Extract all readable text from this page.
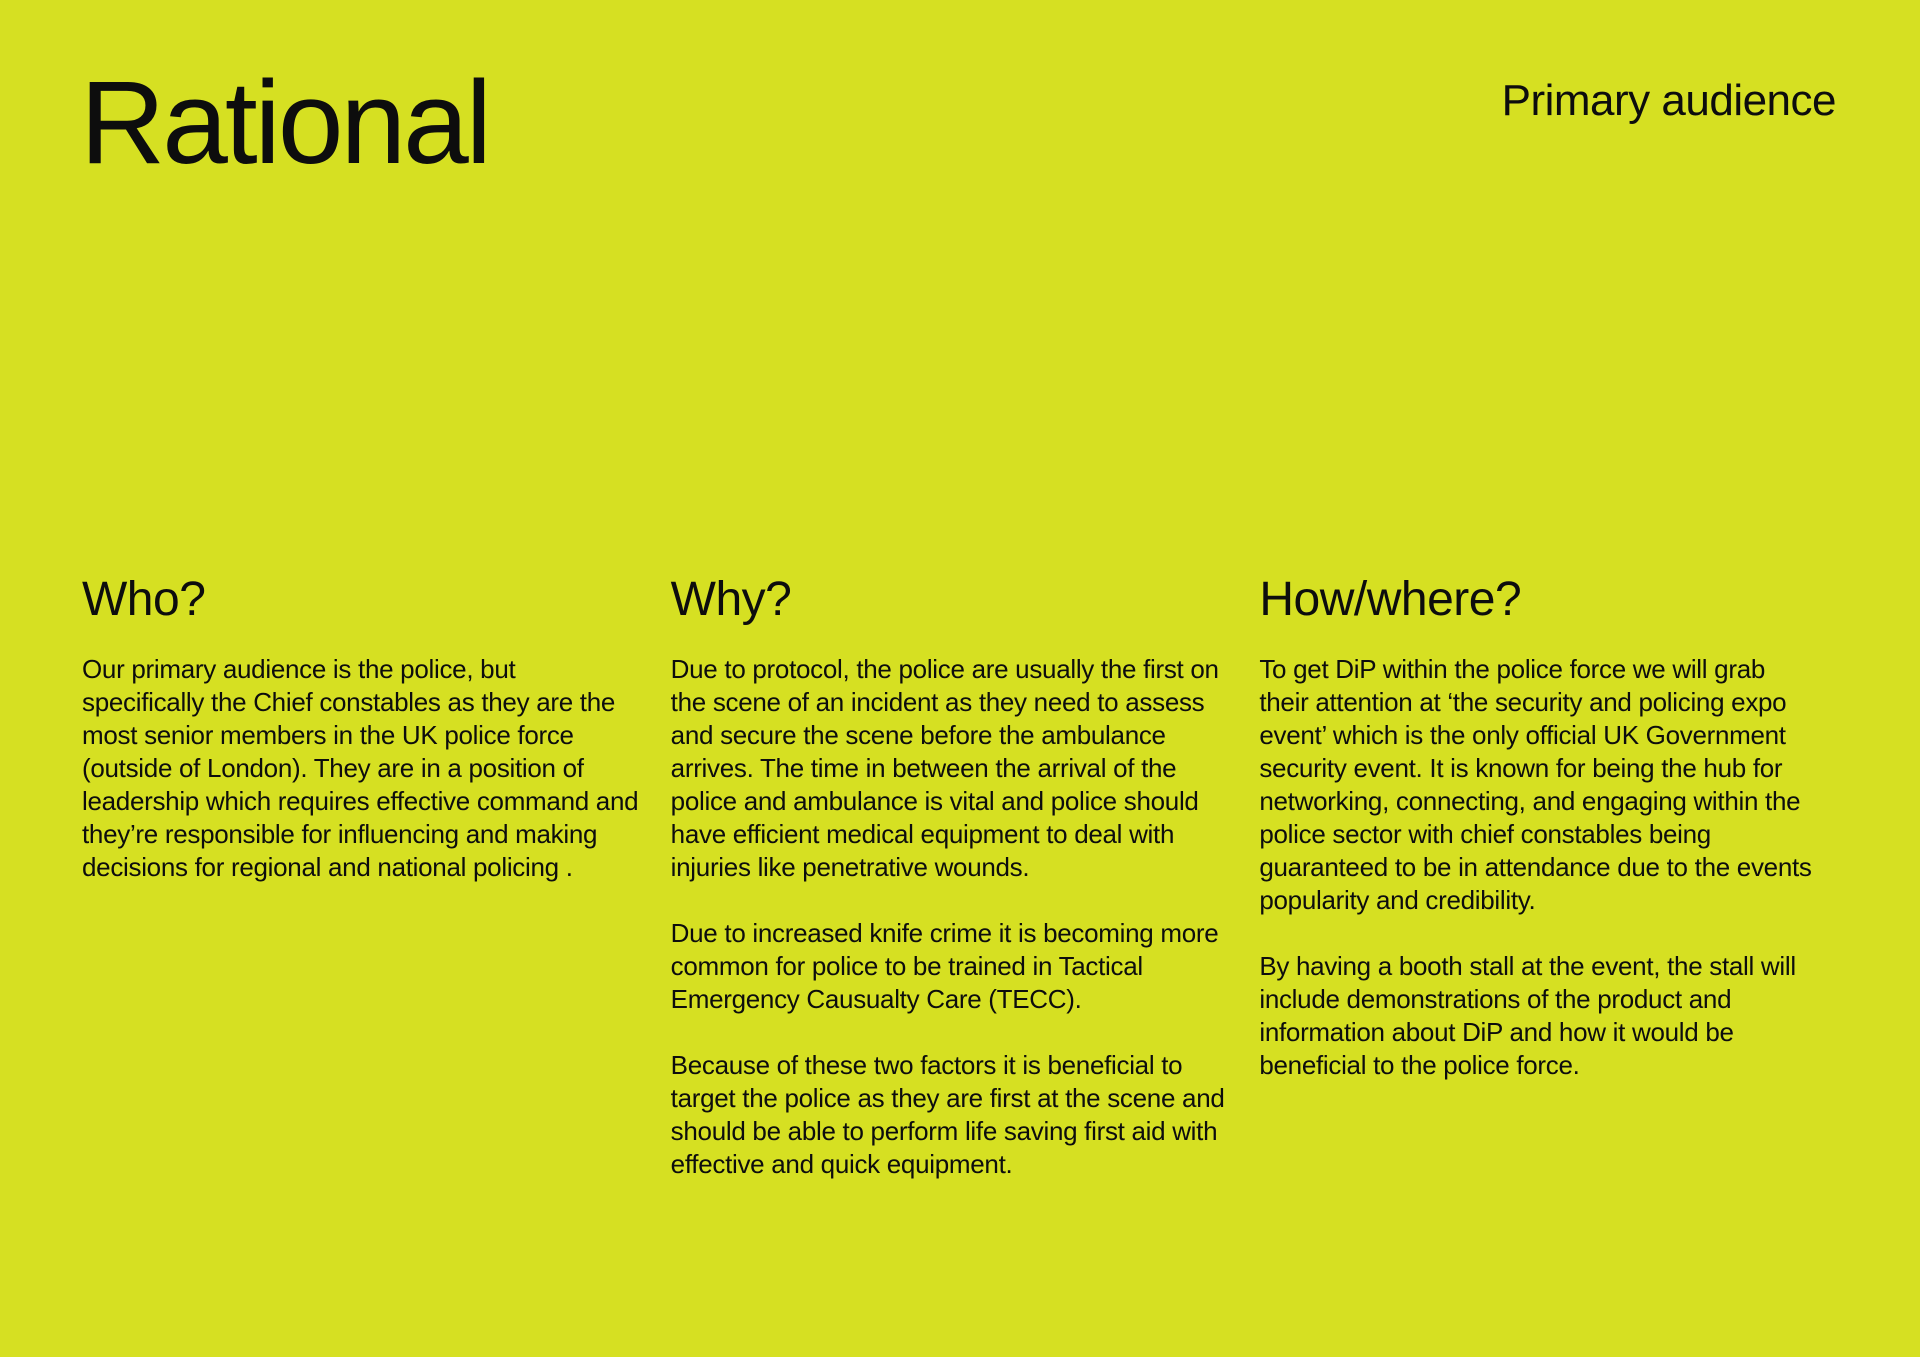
Rational	Primary audience
Who?

Our primary audience is the police, but specifically the Chief constables as they are the most senior members in the UK police force (outside of London). They are in a position of leadership which requires effective command and they’re responsible for influencing and making decisions for regional and national policing .

Why?

Due to protocol, the police are usually the first on the scene of an incident as they need to assess and secure the scene before the ambulance arrives. The time in between the arrival of the police and ambulance is vital and police should have efficient medical equipment to deal with injuries like penetrative wounds.

Due to increased knife crime it is becoming more common for police to be trained in Tactical Emergency Causualty Care (TECC).

Because of these two factors it is beneficial to target the police as they are first at the scene and should be able to perform life saving first aid with effective and quick equipment.

How/where?

To get DiP within the police force we will grab their attention at ‘the security and policing expo event’ which is the only official UK Government security event. It is known for being the hub for networking, connecting, and engaging within the police sector with chief constables being guaranteed to be in attendance due to the events popularity and credibility.

By having a booth stall at the event, the stall will include demonstrations of the product and information about DiP and how it would be beneficial to the police force.
